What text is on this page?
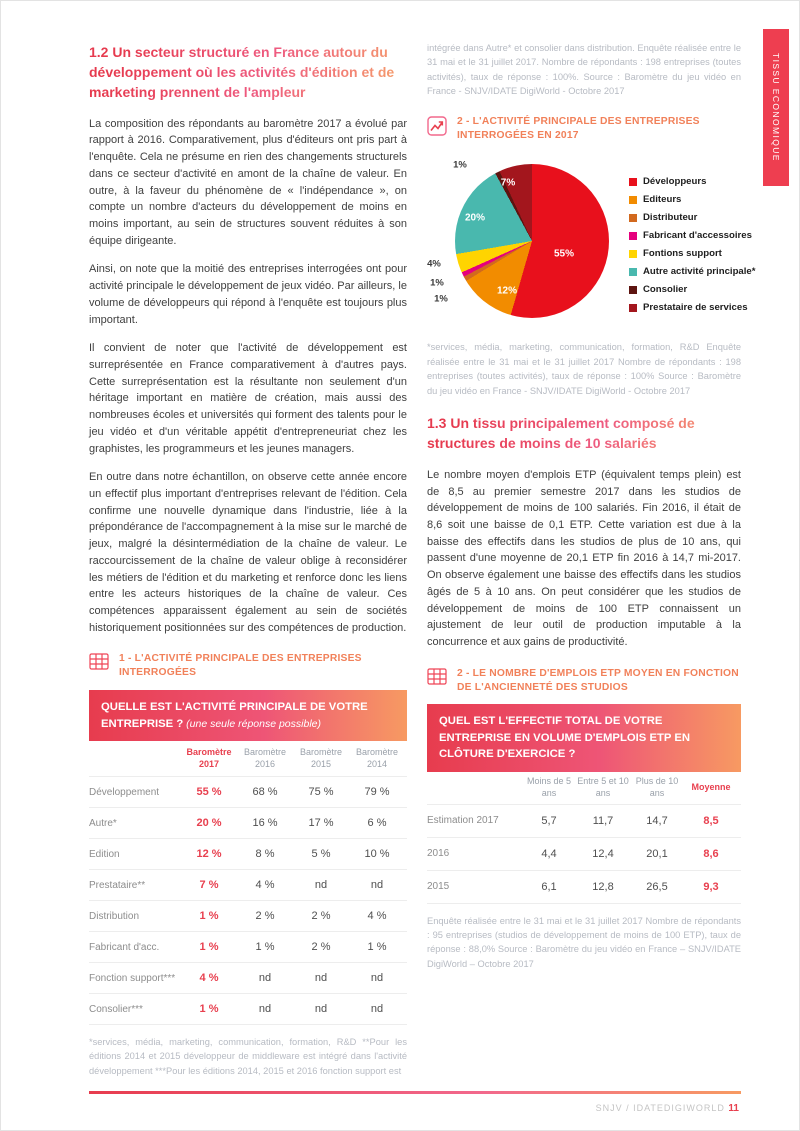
TISSU ECONOMIQUE
1.2 Un secteur structuré en France autour du développement où les activités d'édition et de marketing prennent de l'ampleur
La composition des répondants au baromètre 2017 a évolué par rapport à 2016. Comparativement, plus d'éditeurs ont pris part à l'enquête. Cela ne présume en rien des changements structurels dans ce secteur d'activité en amont de la chaîne de valeur. En outre, à la faveur du phénomène de « l'indépendance », on compte un nombre d'acteurs du développement de moins en moins important, au sein de structures souvent réduites à son équipe dirigeante.
Ainsi, on note que la moitié des entreprises interrogées ont pour activité principale le développement de jeux vidéo. Par ailleurs, le volume de développeurs qui répond à l'enquête est toujours plus important.
Il convient de noter que l'activité de développement est surreprésentée en France comparativement à d'autres pays. Cette surreprésentation est la résultante non seulement d'un héritage important en matière de création, mais aussi des nombreuses écoles et universités qui forment des talents pour le jeu vidéo et d'un véritable appétit d'entrepreneuriat chez les graphistes, les programmeurs et les jeunes managers.
En outre dans notre échantillon, on observe cette année encore un effectif plus important d'entreprises relevant de l'édition. Cela confirme une nouvelle dynamique dans l'industrie, liée à la prépondérance de l'accompagnement à la mise sur le marché de jeux, malgré la désintermédiation de la chaîne de valeur. Le raccourcissement de la chaîne de valeur oblige à reconsidérer les métiers de l'édition et du marketing et renforce donc les liens entre les acteurs historiques de la chaîne de valeur. Ces compétences apparaissent également au sein de sociétés historiquement positionnées sur des compétences de production.
1 - L'ACTIVITÉ PRINCIPALE DES ENTREPRISES INTERROGÉES
QUELLE EST L'ACTIVITÉ PRINCIPALE DE VOTRE ENTREPRISE ? (une seule réponse possible)
Baromètre 2017
Baromètre 2016
Baromètre 2015
Baromètre 2014
Développement	55 %	68 %	75 %	79 %
Autre*	20 %	16 %	17 %	6 %
Edition	12 %	8 %	5 %	10 %
Prestataire**	7 %	4 %	nd	nd
Distribution	1 %	2 %	2 %	4 %
Fabricant d'acc.	1 %	1 %	2 %	1 %
Fonction support***	4 %	nd	nd	nd
Consolier***	1 %	nd	nd	nd
*services, média, marketing, communication, formation, R&D **Pour les éditions 2014 et 2015 développeur de middleware est intégré dans l'activité développement ***Pour les éditions 2014, 2015 et 2016 fonction support est
intégrée dans Autre* et consolier dans distribution. Enquête réalisée entre le 31 mai et le 31 juillet 2017. Nombre de répondants : 198 entreprises (toutes activités), taux de réponse : 100%. Source : Baromètre du jeu vidéo en France - SNJV/IDATE DigiWorld - Octobre 2017
2 - L'ACTIVITÉ PRINCIPALE DES ENTREPRISES INTERROGÉES EN 2017
55%
12%
1%
1%
4%
20%
1%
7%	Développeurs
Editeurs
Distributeur
Fabricant d'accessoires
Fontions support
Autre activité principale*
Consolier
Prestataire de services
*services, média, marketing, communication, formation, R&D Enquête réalisée entre le 31 mai et le 31 juillet 2017 Nombre de répondants : 198 entreprises (toutes activités), taux de réponse : 100% Source : Baromètre du jeu vidéo en France - SNJV/IDATE DigiWorld - Octobre 2017
1.3 Un tissu principalement composé de structures de moins de 10 salariés
Le nombre moyen d'emplois ETP (équivalent temps plein) est de 8,5 au premier semestre 2017 dans les studios de développement de moins de 100 salariés. Fin 2016, il était de 8,6 soit une baisse de 0,1 ETP. Cette variation est due à la baisse des effectifs dans les studios de plus de 10 ans, qui passent d'une moyenne de 20,1 ETP fin 2016 à 14,7 mi-2017. On observe également une baisse des effectifs dans les studios âgés de 5 à 10 ans. On peut considérer que les studios de développement de moins de 100 ETP connaissent un ajustement de leur outil de production imputable à la concurrence et aux gains de productivité.
2 - LE NOMBRE D'EMPLOIS ETP MOYEN EN FONCTION DE L'ANCIENNETÉ DES STUDIOS
QUEL EST L'EFFECTIF TOTAL DE VOTRE ENTREPRISE EN VOLUME D'EMPLOIS ETP EN CLÔTURE D'EXERCICE ?
Moins de 5 ans
Entre 5 et 10 ans
Plus de 10 ans
Moyenne
Estimation 2017	5,7	11,7	14,7	8,5
2016	4,4	12,4	20,1	8,6
2015	6,1	12,8	26,5	9,3
Enquête réalisée entre le 31 mai et le 31 juillet 2017 Nombre de répondants : 95 entreprises (studios de développement de moins de 100 ETP), taux de réponse : 88,0% Source : Baromètre du jeu vidéo en France – SNJV/IDATE DigiWorld – Octobre 2017
SNJV / IDATEDIGIWORLD 11
